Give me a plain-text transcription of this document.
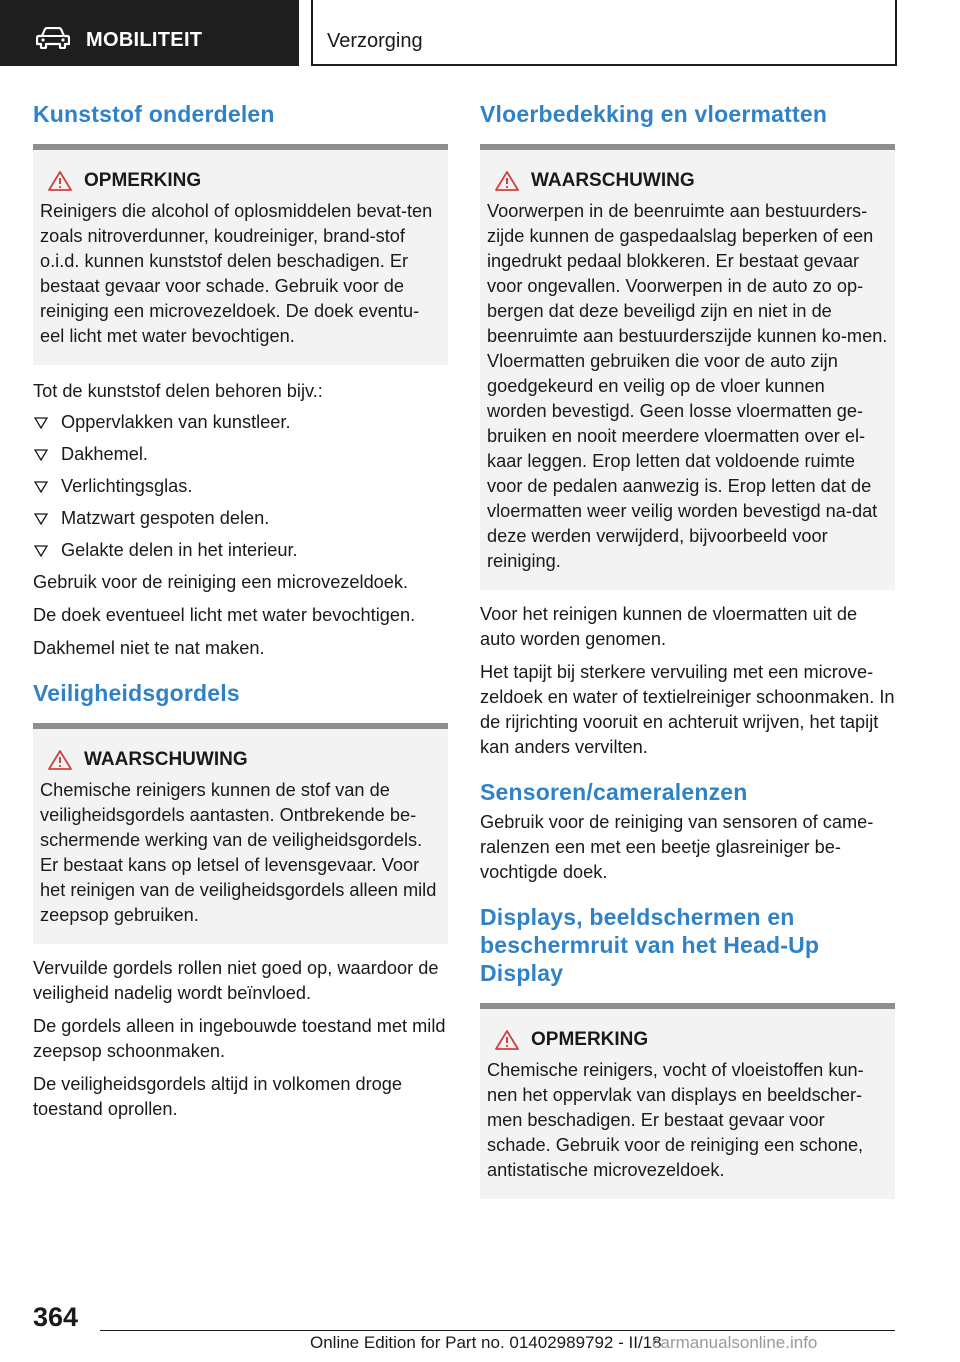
MOBILITEIT	Verzorging
Kunststof onderdelen
OPMERKING
Reinigers die alcohol of oplosmiddelen bevat-ten zoals nitroverdunner, koudreiniger, brand-stof o.i.d. kunnen kunststof delen beschadigen. Er bestaat gevaar voor schade. Gebruik voor de reiniging een microvezeldoek. De doek eventu-eel licht met water bevochtigen.

Tot de kunststof delen behoren bijv.:

Oppervlakken van kunstleer.
Dakhemel.
Verlichtingsglas.
Matzwart gespoten delen.
Gelakte delen in het interieur.

Gebruik voor de reiniging een microvezeldoek.

De doek eventueel licht met water bevochtigen.

Dakhemel niet te nat maken.

Veiligheidsgordels
WAARSCHUWING
Chemische reinigers kunnen de stof van de veiligheidsgordels aantasten. Ontbrekende be-schermende werking van de veiligheidsgordels. Er bestaat kans op letsel of levensgevaar. Voor het reinigen van de veiligheidsgordels alleen mild zeepsop gebruiken.

Vervuilde gordels rollen niet goed op, waardoor de veiligheid nadelig wordt beïnvloed.

De gordels alleen in ingebouwde toestand met mild zeepsop schoonmaken.

De veiligheidsgordels altijd in volkomen droge toestand oprollen.

Vloerbedekking en vloermatten
WAARSCHUWING
Voorwerpen in de beenruimte aan bestuurders-zijde kunnen de gaspedaalslag beperken of een ingedrukt pedaal blokkeren. Er bestaat gevaar voor ongevallen. Voorwerpen in de auto zo op-bergen dat deze beveiligd zijn en niet in de beenruimte aan bestuurderszijde kunnen ko-men. Vloermatten gebruiken die voor de auto zijn goedgekeurd en veilig op de vloer kunnen worden bevestigd. Geen losse vloermatten ge-bruiken en nooit meerdere vloermatten over el-kaar leggen. Erop letten dat voldoende ruimte voor de pedalen aanwezig is. Erop letten dat de vloermatten weer veilig worden bevestigd na-dat deze werden verwijderd, bijvoorbeeld voor reiniging.

Voor het reinigen kunnen de vloermatten uit de auto worden genomen.

Het tapijt bij sterkere vervuiling met een microve-zeldoek en water of textielreiniger schoonmaken. In de rijrichting vooruit en achteruit wrijven, het tapijt kan anders vervilten.

Sensoren/cameralenzen

Gebruik voor de reiniging van sensoren of came-ralenzen een met een beetje glasreiniger be-vochtigde doek.

Displays, beeldschermen en beschermruit van het Head-Up Display
OPMERKING
Chemische reinigers, vocht of vloeistoffen kun-nen het oppervlak van displays en beeldscher-men beschadigen. Er bestaat gevaar voor schade. Gebruik voor de reiniging een schone, antistatische microvezeldoek.
364
Online Edition for Part no. 01402989792 - II/18
carmanualsonline.info
